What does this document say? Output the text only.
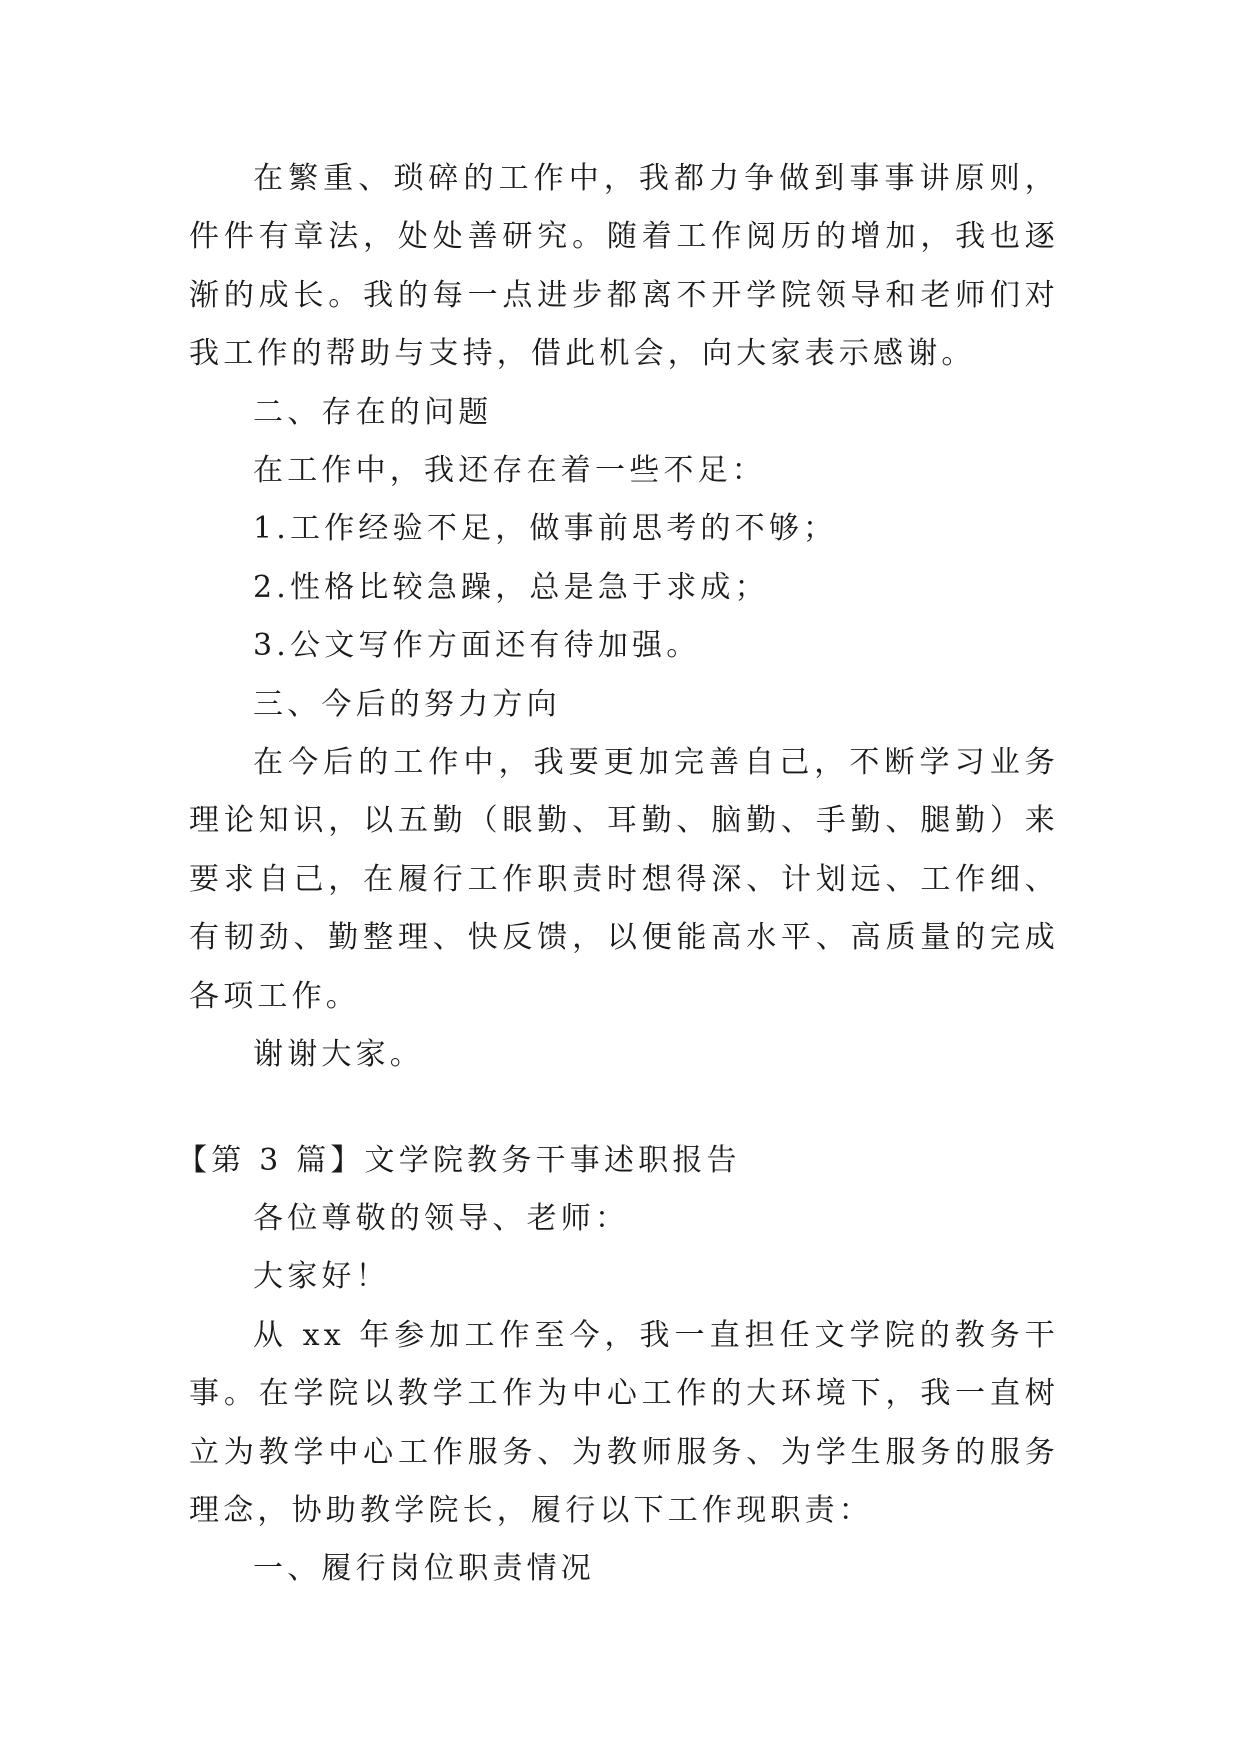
在繁重、琐碎的工作中，我都力争做到事事讲原则，件件有章法，处处善研究。随着工作阅历的增加，我也逐渐的成长。我的每一点进步都离不开学院领导和老师们对我工作的帮助与支持，借此机会，向大家表示感谢。

二、存在的问题

在工作中，我还存在着一些不足：

1.工作经验不足，做事前思考的不够；

2.性格比较急躁，总是急于求成；

3.公文写作方面还有待加强。

三、今后的努力方向

在今后的工作中，我要更加完善自己，不断学习业务理论知识，以五勤（眼勤、耳勤、脑勤、手勤、腿勤）来要求自己，在履行工作职责时想得深、计划远、工作细、有韧劲、勤整理、快反馈，以便能高水平、高质量的完成各项工作。

谢谢大家。

【第 3 篇】文学院教务干事述职报告

各位尊敬的领导、老师：

大家好！

从 xx 年参加工作至今，我一直担任文学院的教务干事。在学院以教学工作为中心工作的大环境下，我一直树立为教学中心工作服务、为教师服务、为学生服务的服务理念，协助教学院长，履行以下工作现职责：

一、履行岗位职责情况
